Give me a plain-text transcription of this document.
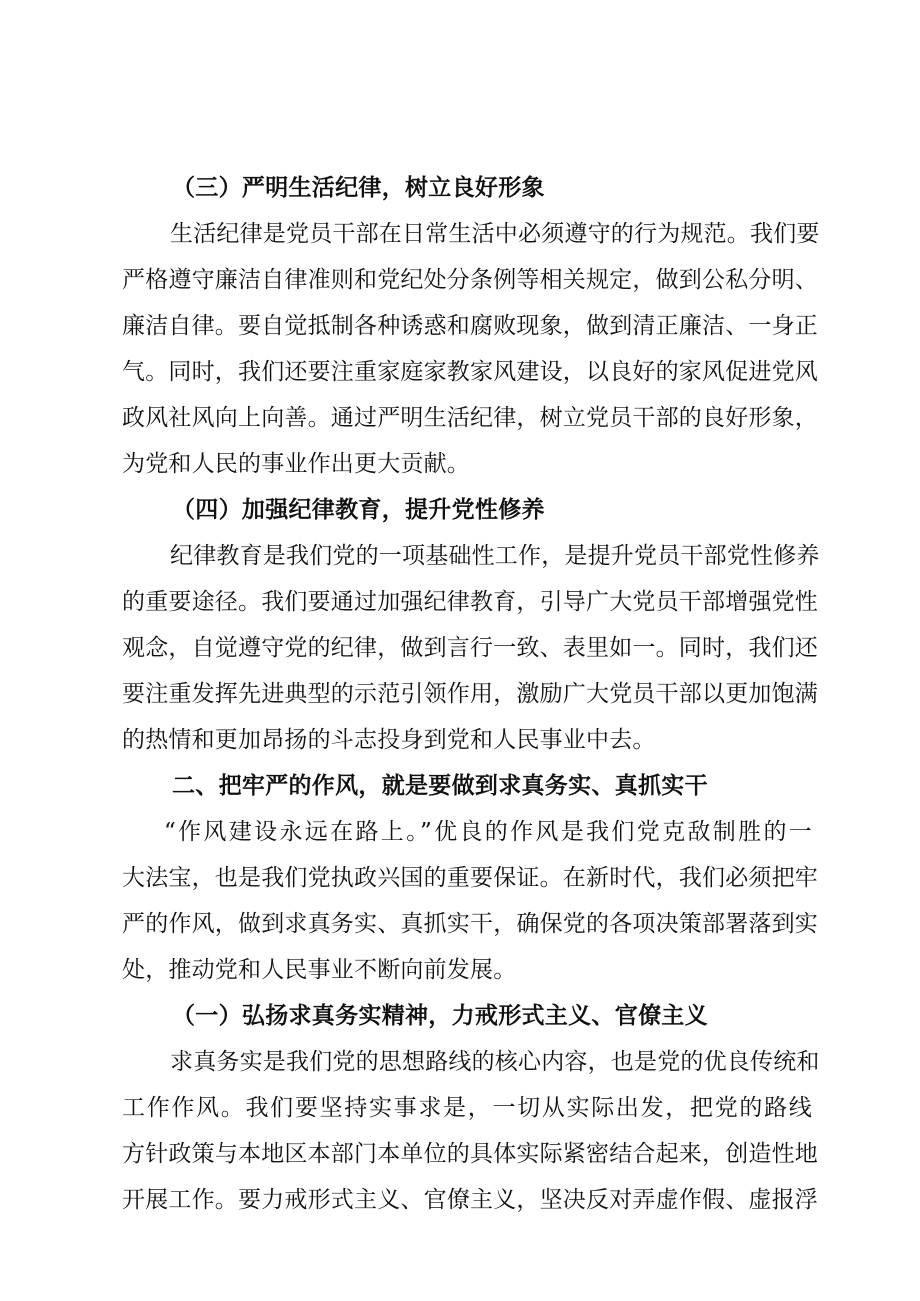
（三）严明生活纪律，树立良好形象
生活纪律是党员干部在日常生活中必须遵守的行为规范。我们要
严格遵守廉洁自律准则和党纪处分条例等相关规定，做到公私分明、
廉洁自律。要自觉抵制各种诱惑和腐败现象，做到清正廉洁、一身正
气。同时，我们还要注重家庭家教家风建设，以良好的家风促进党风
政风社风向上向善。通过严明生活纪律，树立党员干部的良好形象，
为党和人民的事业作出更大贡献。
（四）加强纪律教育，提升党性修养
纪律教育是我们党的一项基础性工作，是提升党员干部党性修养
的重要途径。我们要通过加强纪律教育，引导广大党员干部增强党性
观念，自觉遵守党的纪律，做到言行一致、表里如一。同时，我们还
要注重发挥先进典型的示范引领作用，激励广大党员干部以更加饱满
的热情和更加昂扬的斗志投身到党和人民事业中去。
二、把牢严的作风，就是要做到求真务实、真抓实干
“作风建设永远在路上。”优良的作风是我们党克敌制胜的一
大法宝，也是我们党执政兴国的重要保证。在新时代，我们必须把牢
严的作风，做到求真务实、真抓实干，确保党的各项决策部署落到实
处，推动党和人民事业不断向前发展。
（一）弘扬求真务实精神，力戒形式主义、官僚主义
求真务实是我们党的思想路线的核心内容，也是党的优良传统和
工作作风。我们要坚持实事求是，一切从实际出发，把党的路线
方针政策与本地区本部门本单位的具体实际紧密结合起来，创造性地
开展工作。要力戒形式主义、官僚主义，坚决反对弄虚作假、虚报浮
